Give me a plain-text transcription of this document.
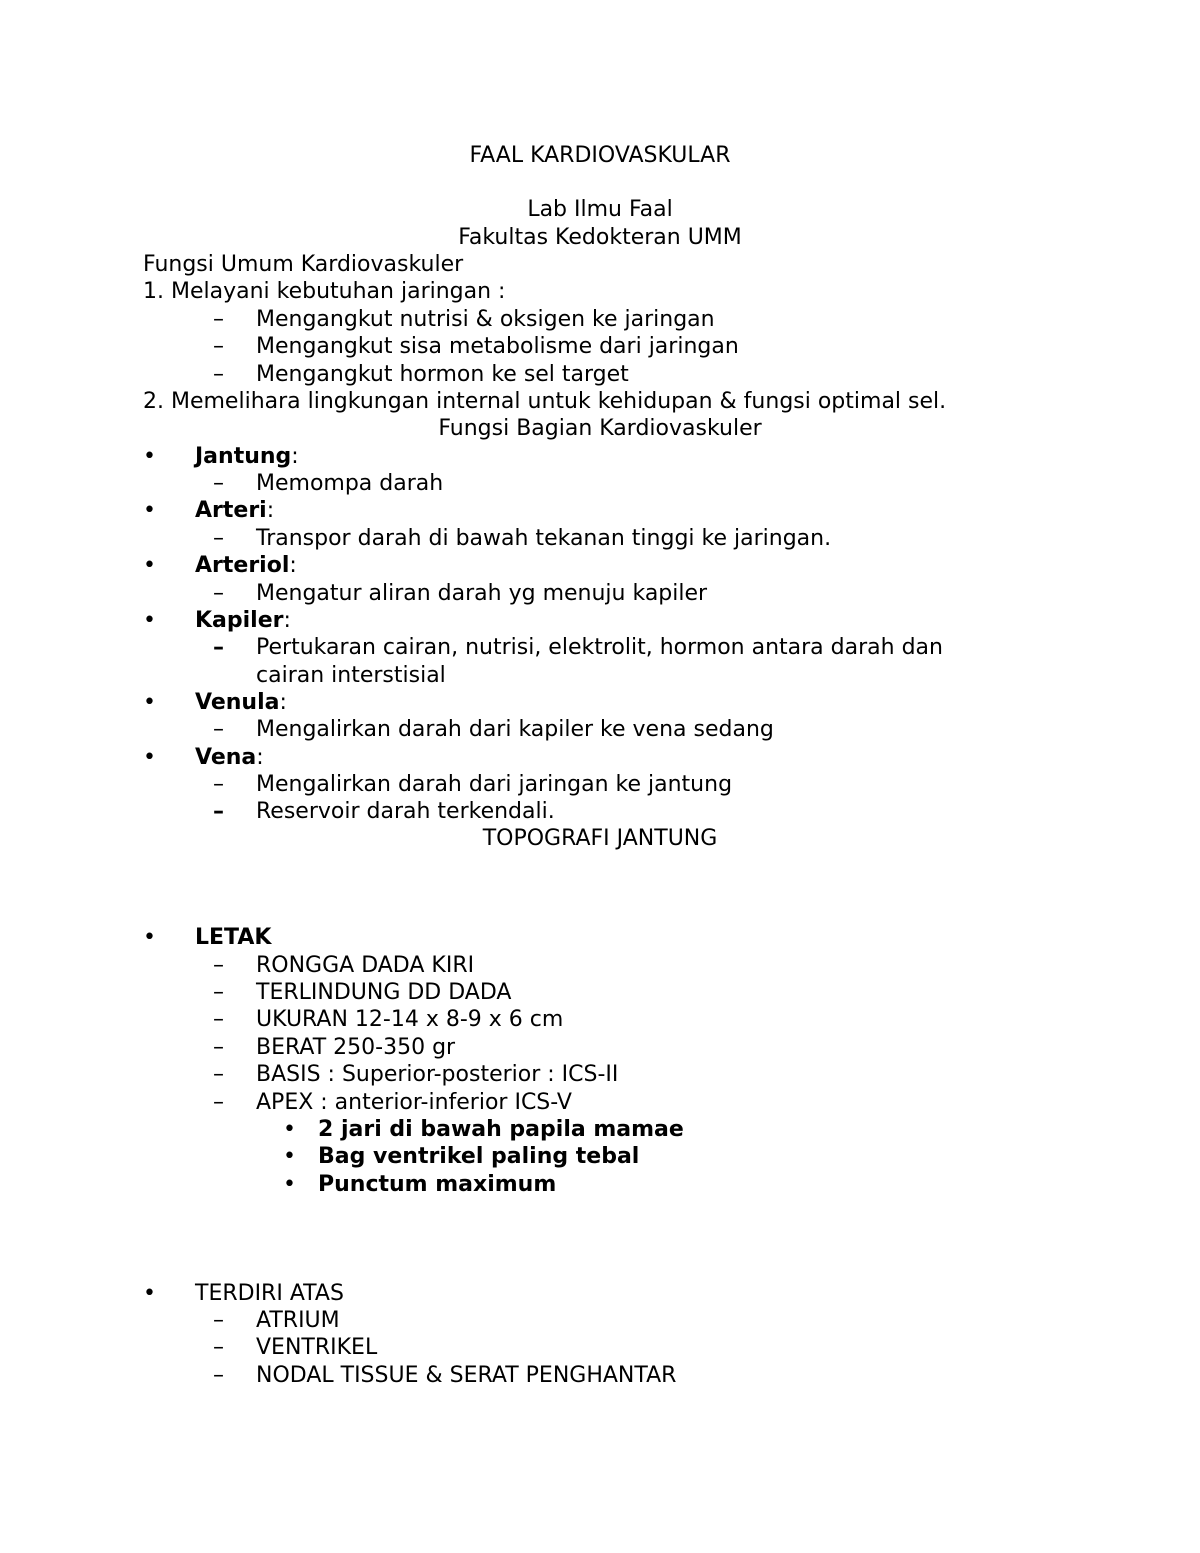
FAAL KARDIOVASKULAR
Lab Ilmu Faal
Fakultas Kedokteran UMM
Fungsi Umum Kardiovaskuler
1. Melayani kebutuhan jaringan :
– Mengangkut nutrisi & oksigen ke jaringan
– Mengangkut sisa metabolisme dari jaringan
– Mengangkut hormon ke sel target
2. Memelihara lingkungan internal untuk kehidupan & fungsi optimal sel.
Fungsi Bagian Kardiovaskuler
• Jantung:
– Memompa darah
• Arteri:
– Transpor darah di bawah tekanan tinggi ke jaringan.
• Arteriol:
– Mengatur aliran darah yg menuju kapiler
• Kapiler:
– Pertukaran cairan, nutrisi, elektrolit, hormon antara darah dan
cairan interstisial
• Venula:
– Mengalirkan darah dari kapiler ke vena sedang
• Vena:
– Mengalirkan darah dari jaringan ke jantung
– Reservoir darah terkendali.
TOPOGRAFI JANTUNG
• LETAK
– RONGGA DADA KIRI
– TERLINDUNG DD DADA
– UKURAN 12-14 x 8-9 x 6 cm
– BERAT 250-350 gr
– BASIS : Superior-posterior : ICS-II
– APEX : anterior-inferior ICS-V
• 2 jari di bawah papila mamae
• Bag ventrikel paling tebal
• Punctum maximum
• TERDIRI ATAS
– ATRIUM
– VENTRIKEL
– NODAL TISSUE & SERAT PENGHANTAR
